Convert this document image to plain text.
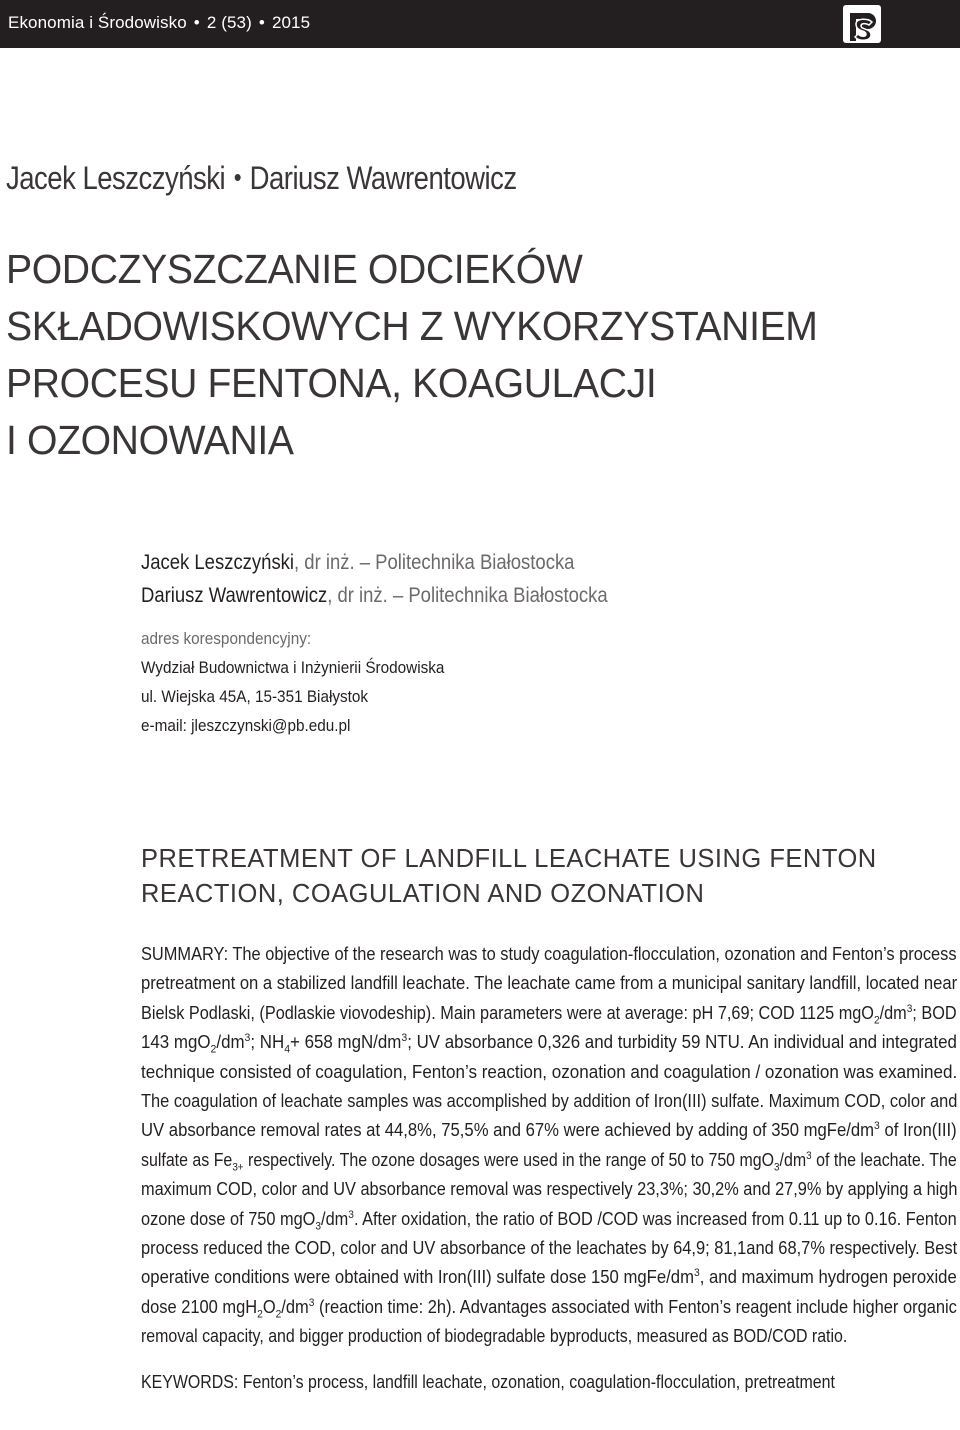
Ekonomia i Środowisko • 2 (53) • 2015
Jacek Leszczyński • Dariusz Wawrentowicz
PODCZYSZCZANIE ODCIEKÓW
SKŁADOWISKOWYCH Z WYKORZYSTANIEM
PROCESU FENTONA, KOAGULACJI
I OZONOWANIA
Jacek Leszczyński, dr inż. – Politechnika Białostocka
Dariusz Wawrentowicz, dr inż. – Politechnika Białostocka
adres korespondencyjny:
Wydział Budownictwa i Inżynierii Środowiska
ul. Wiejska 45A, 15-351 Białystok
e-mail: jleszczynski@pb.edu.pl
PRETREATMENT OF LANDFILL LEACHATE USING FENTON
REACTION, COAGULATION AND OZONATION
SUMMARY: The objective of the research was to study coagulation-flocculation, ozonation and Fenton’s process
pretreatment on a stabilized landfill leachate. The leachate came from a municipal sanitary landfill, located near
Bielsk Podlaski, (Podlaskie viovodeship). Main parameters were at average: pH 7,69; COD 1125 $mgO_2/dm^3$; BOD
143 $mgO_2/dm^3$; $NH_4+ 658$ mgN/$dm^3$; UV absorbance 0,326 and turbidity 59 NTU. An individual and integrated
technique consisted of coagulation, Fenton’s reaction, ozonation and coagulation / ozonation was examined.
The coagulation of leachate samples was accomplished by addition of Iron(III) sulfate. Maximum COD, color and
UV absorbance removal rates at 44,8%, 75,5% and 67% were achieved by adding of 350 mgFe/$dm^3$ of Iron(III)
sulfate as $Fe_{3+}$ respectively. The ozone dosages were used in the range of 50 to 750 $mgO_3/dm^3$ of the leachate. The
maximum COD, color and UV absorbance removal was respectively 23,3%; 30,2% and 27,9% by applying a high
ozone dose of 750 $mgO_3/dm^3$. After oxidation, the ratio of BOD /COD was increased from 0.11 up to 0.16. Fenton
process reduced the COD, color and UV absorbance of the leachates by 64,9; 81,1and 68,7% respectively. Best
operative conditions were obtained with Iron(III) sulfate dose 150 mgFe/$dm^3$, and maximum hydrogen peroxide
dose 2100 $mgH_2O_2/dm^3$ (reaction time: 2h). Advantages associated with Fenton’s reagent include higher organic
removal capacity, and bigger production of biodegradable byproducts, measured as BOD/COD ratio.
KEYWORDS: Fenton’s process, landfill leachate, ozonation, coagulation-flocculation, pretreatment
